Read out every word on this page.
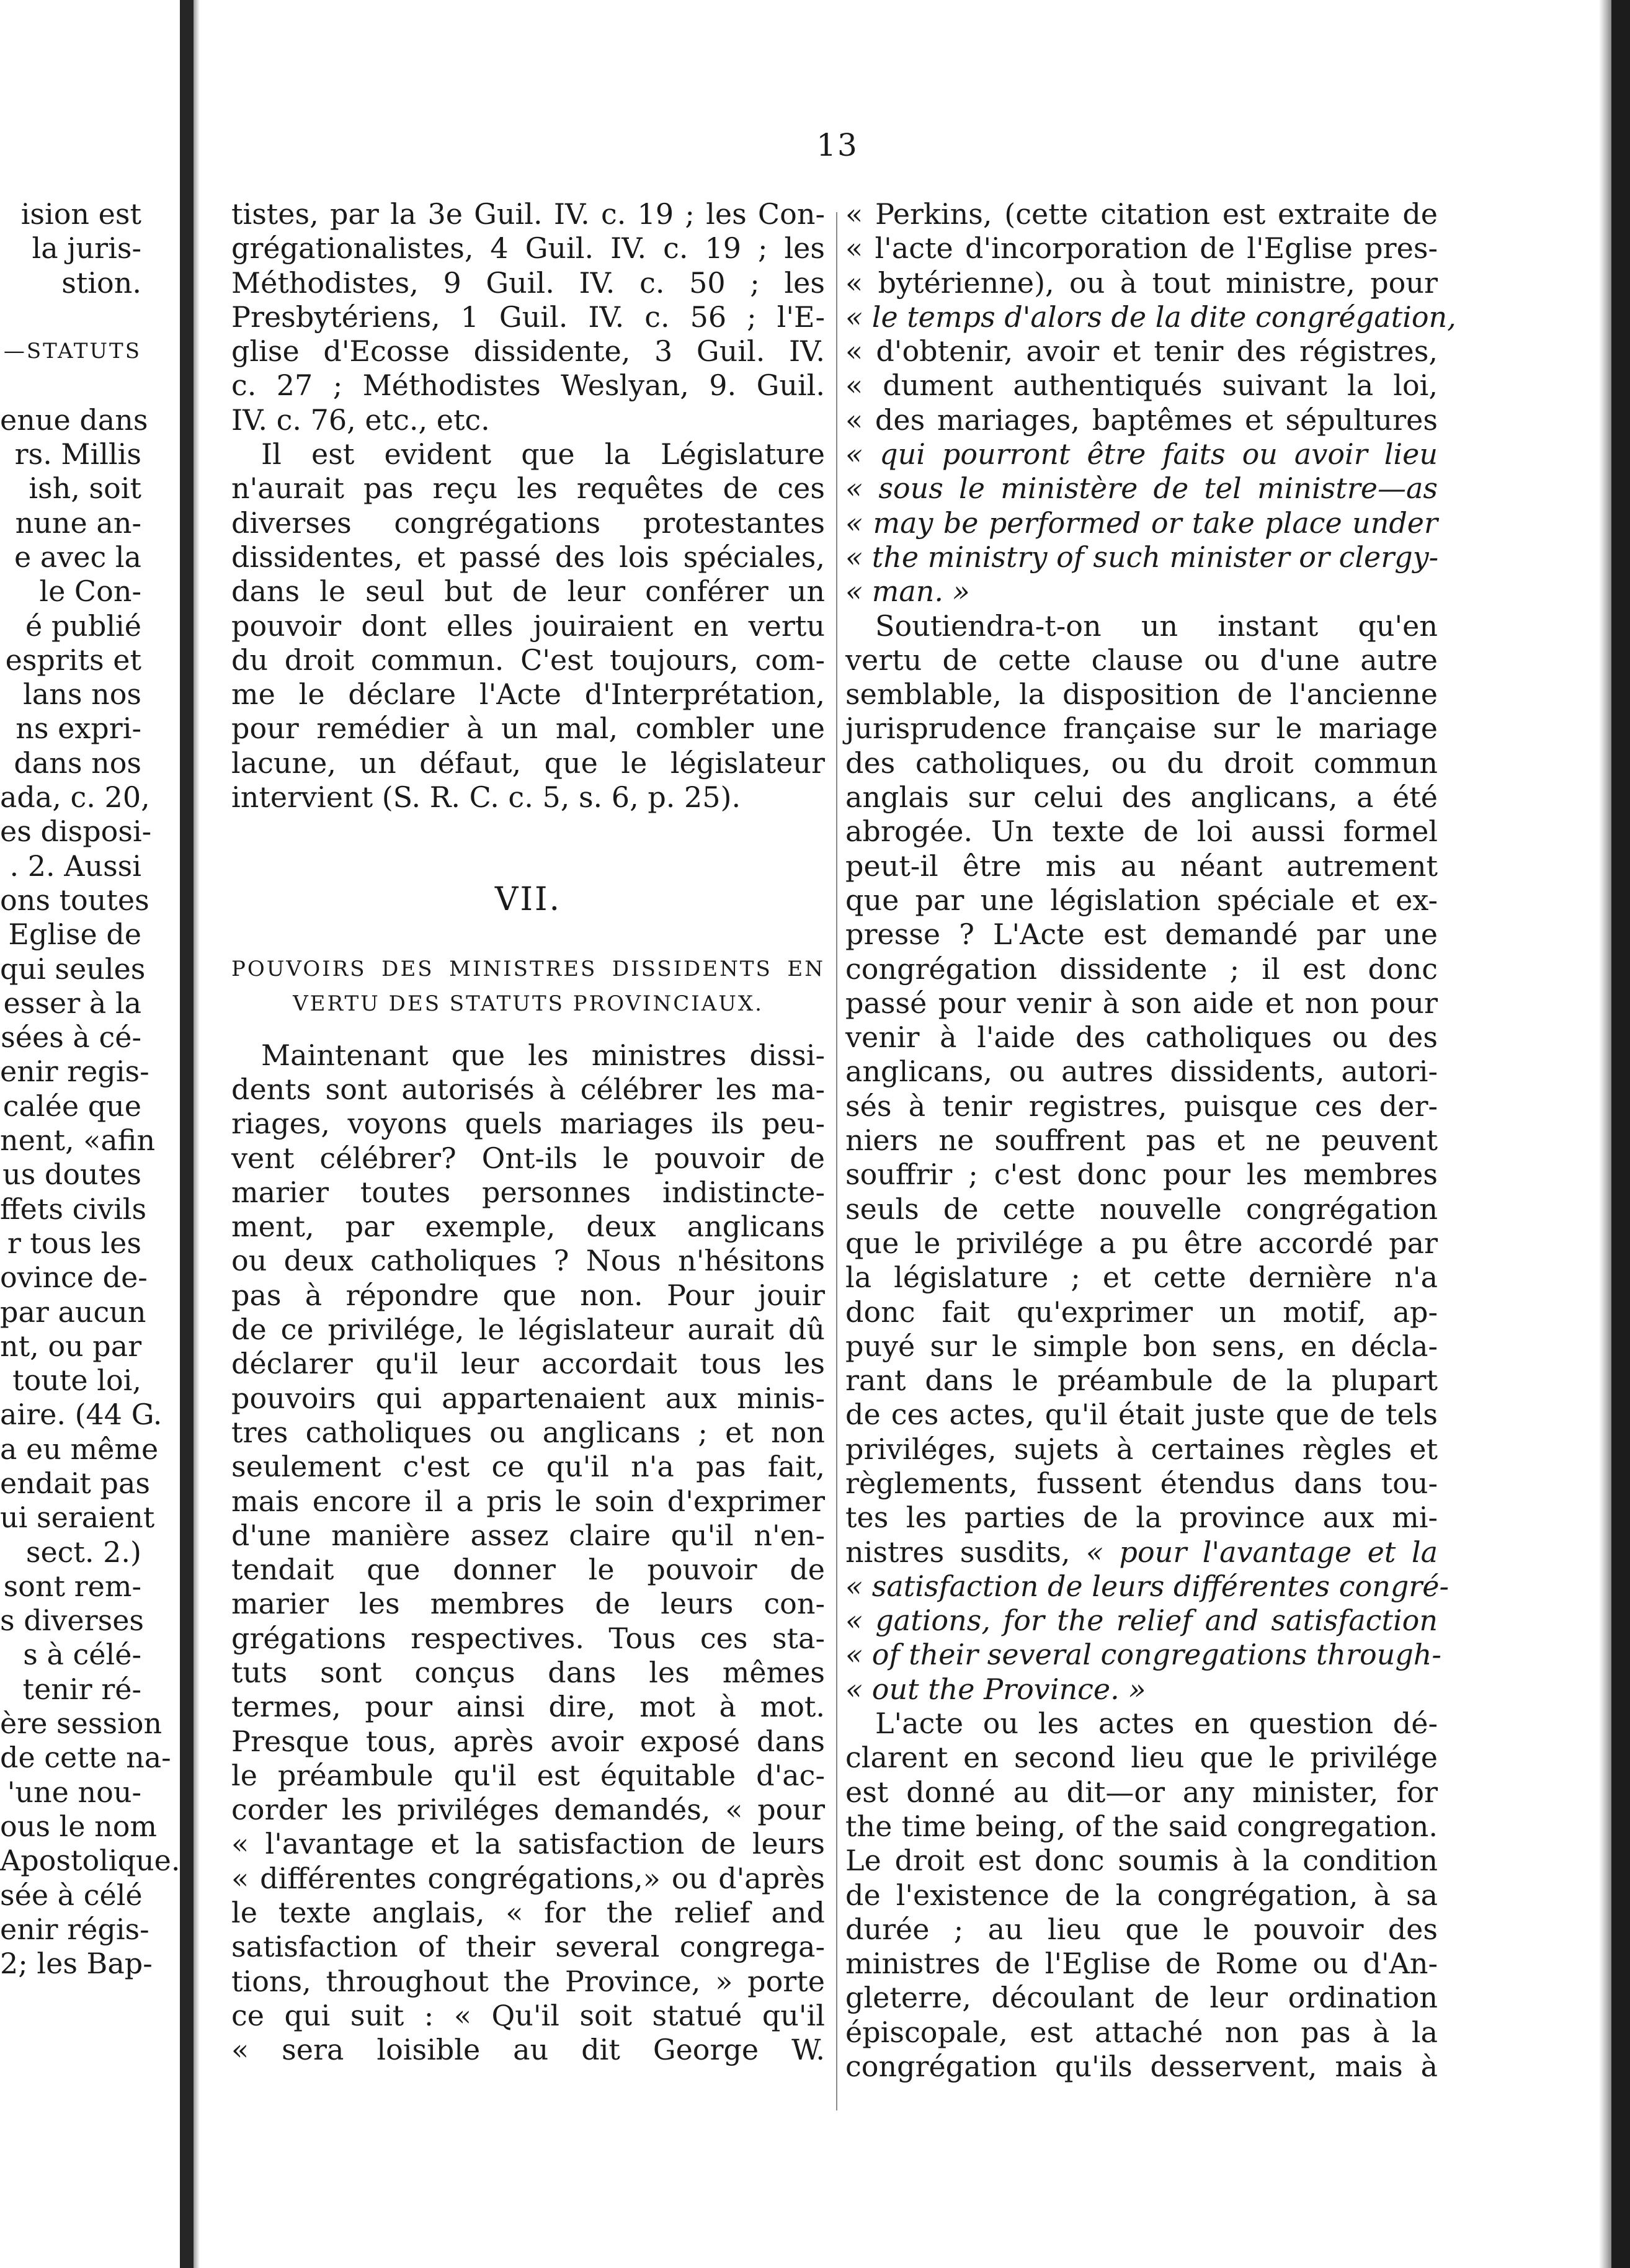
13
ision est
la juris-
stion.

—STATUTS

enue dans
rs. Millis
ish, soit
nune an-
e avec la
le Con-
é publié
esprits et
lans nos
ns expri-
dans nos
ada, c. 20,
es disposi-
. 2. Aussi
ons toutes
Eglise de
qui seules
esser à la
sées à cé-
enir regis-
calée que
nent, «afin
us doutes
ffets civils
r tous les
ovince de-
par aucun
nt, ou par
toute loi,
aire. (44 G.
a eu même
endait pas
ui seraient
sect. 2.)
sont rem-
s diverses
s à célé-
tenir ré-
ère session
de cette na-
'une nou-
ous le nom
Apostolique.
sée à célé
enir régis-
2; les Bap-
tistes, par la 3e Guil. IV. c. 19 ; les Con-
grégationalistes, 4 Guil. IV. c. 19 ; les
Méthodistes, 9 Guil. IV. c. 50 ; les
Presbytériens, 1 Guil. IV. c. 56 ; l'E-
glise d'Ecosse dissidente, 3 Guil. IV.
c. 27 ; Méthodistes Weslyan, 9. Guil.
IV. c. 76, etc., etc.
Il est evident que la Législature
n'aurait pas reçu les requêtes de ces
diverses congrégations protestantes
dissidentes, et passé des lois spéciales,
dans le seul but de leur conférer un
pouvoir dont elles jouiraient en vertu
du droit commun. C'est toujours, com-
me le déclare l'Acte d'Interprétation,
pour remédier à un mal, combler une
lacune, un défaut, que le législateur
intervient (S. R. C. c. 5, s. 6, p. 25).
VII.
POUVOIRS DES MINISTRES DISSIDENTS EN
VERTU DES STATUTS PROVINCIAUX.
Maintenant que les ministres dissi-
dents sont autorisés à célébrer les ma-
riages, voyons quels mariages ils peu-
vent célébrer? Ont-ils le pouvoir de
marier toutes personnes indistincte-
ment, par exemple, deux anglicans
ou deux catholiques ? Nous n'hésitons
pas à répondre que non. Pour jouir
de ce privilége, le législateur aurait dû
déclarer qu'il leur accordait tous les
pouvoirs qui appartenaient aux minis-
tres catholiques ou anglicans ; et non
seulement c'est ce qu'il n'a pas fait,
mais encore il a pris le soin d'exprimer
d'une manière assez claire qu'il n'en-
tendait que donner le pouvoir de
marier les membres de leurs con-
grégations respectives. Tous ces sta-
tuts sont conçus dans les mêmes
termes, pour ainsi dire, mot à mot.
Presque tous, après avoir exposé dans
le préambule qu'il est équitable d'ac-
corder les priviléges demandés, « pour
« l'avantage et la satisfaction de leurs
« différentes congrégations,» ou d'après
le texte anglais, « for the relief and
satisfaction of their several congrega-
tions, throughout the Province, » porte
ce qui suit : « Qu'il soit statué qu'il
« sera loisible au dit George W.
« Perkins, (cette citation est extraite de
« l'acte d'incorporation de l'Eglise pres-
« bytérienne), ou à tout ministre, pour
« le temps d'alors de la dite congrégation,
« d'obtenir, avoir et tenir des régistres,
« dument authentiqués suivant la loi,
« des mariages, baptêmes et sépultures
« qui pourront être faits ou avoir lieu
« sous le ministère de tel ministre—as
« may be performed or take place under
« the ministry of such minister or clergy-
« man. »
Soutiendra-t-on un instant qu'en
vertu de cette clause ou d'une autre
semblable, la disposition de l'ancienne
jurisprudence française sur le mariage
des catholiques, ou du droit commun
anglais sur celui des anglicans, a été
abrogée. Un texte de loi aussi formel
peut-il être mis au néant autrement
que par une législation spéciale et ex-
presse ? L'Acte est demandé par une
congrégation dissidente ; il est donc
passé pour venir à son aide et non pour
venir à l'aide des catholiques ou des
anglicans, ou autres dissidents, autori-
sés à tenir registres, puisque ces der-
niers ne souffrent pas et ne peuvent
souffrir ; c'est donc pour les membres
seuls de cette nouvelle congrégation
que le privilége a pu être accordé par
la législature ; et cette dernière n'a
donc fait qu'exprimer un motif, ap-
puyé sur le simple bon sens, en décla-
rant dans le préambule de la plupart
de ces actes, qu'il était juste que de tels
priviléges, sujets à certaines règles et
règlements, fussent étendus dans tou-
tes les parties de la province aux mi-
nistres susdits, « pour l'avantage et la
« satisfaction de leurs différentes congré-
« gations, for the relief and satisfaction
« of their several congregations through-
« out the Province. »
L'acte ou les actes en question dé-
clarent en second lieu que le privilége
est donné au dit—or any minister, for
the time being, of the said congregation.
Le droit est donc soumis à la condition
de l'existence de la congrégation, à sa
durée ; au lieu que le pouvoir des
ministres de l'Eglise de Rome ou d'An-
gleterre, découlant de leur ordination
épiscopale, est attaché non pas à la
congrégation qu'ils desservent, mais à
